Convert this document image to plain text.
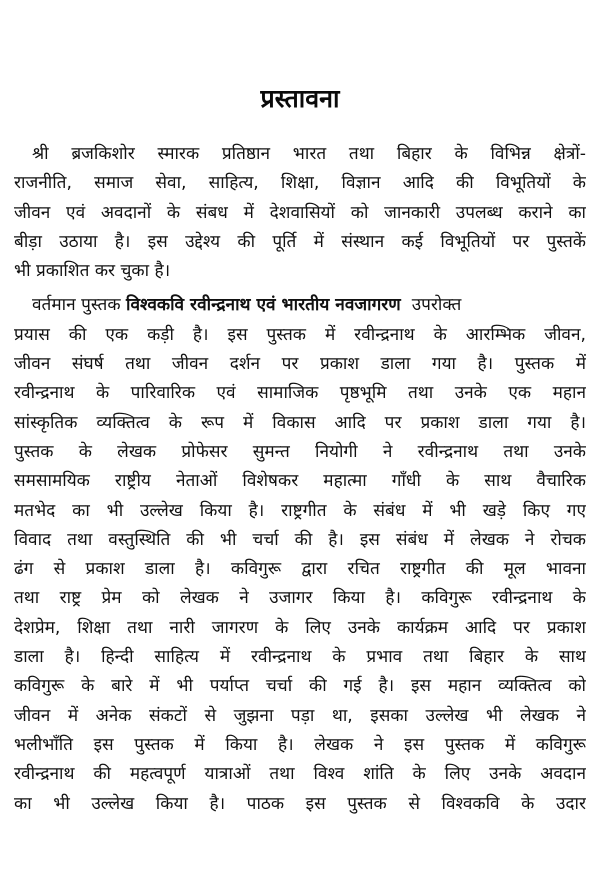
प्रस्तावना
श्री ब्रजकिशोर स्मारक प्रतिष्ठान भारत तथा बिहार के विभिन्न क्षेत्रों-
राजनीति, समाज सेवा, साहित्य, शिक्षा, विज्ञान आदि की विभूतियों के
जीवन एवं अवदानों के संबध में देशवासियों को जानकारी उपलब्ध कराने का
बीड़ा उठाया है। इस उद्देश्य की पूर्ति में संस्थान कई विभूतियों पर पुस्तकें
भी प्रकाशित कर चुका है।
वर्तमान पुस्तक विश्वकवि रवीन्द्रनाथ एवं भारतीय नवजागरण उपरोक्त
प्रयास की एक कड़ी है। इस पुस्तक में रवीन्द्रनाथ के आरम्भिक जीवन,
जीवन संघर्ष तथा जीवन दर्शन पर प्रकाश डाला गया है। पुस्तक में
रवीन्द्रनाथ के पारिवारिक एवं सामाजिक पृष्ठभूमि तथा उनके एक महान
सांस्कृतिक व्यक्तित्व के रूप में विकास आदि पर प्रकाश डाला गया है।
पुस्तक के लेखक प्रोफेसर सुमन्त नियोगी ने रवीन्द्रनाथ तथा उनके
समसामयिक राष्ट्रीय नेताओं विशेषकर महात्मा गाँधी के साथ वैचारिक
मतभेद का भी उल्लेख किया है। राष्ट्रगीत के संबंध में भी खड़े किए गए
विवाद तथा वस्तुस्थिति की भी चर्चा की है। इस संबंध में लेखक ने रोचक
ढंग से प्रकाश डाला है। कविगुरू द्वारा रचित राष्ट्रगीत की मूल भावना
तथा राष्ट्र प्रेम को लेखक ने उजागर किया है। कविगुरू रवीन्द्रनाथ के
देशप्रेम, शिक्षा तथा नारी जागरण के लिए उनके कार्यक्रम आदि पर प्रकाश
डाला है। हिन्दी साहित्य में रवीन्द्रनाथ के प्रभाव तथा बिहार के साथ
कविगुरू के बारे में भी पर्याप्त चर्चा की गई है। इस महान व्यक्तित्व को
जीवन में अनेक संकटों से जुझना पड़ा था, इसका उल्लेख भी लेखक ने
भलीभाँति इस पुस्तक में किया है। लेखक ने इस पुस्तक में कविगुरू
रवीन्द्रनाथ की महत्वपूर्ण यात्राओं तथा विश्व शांति के लिए उनके अवदान
का भी उल्लेख किया है। पाठक इस पुस्तक से विश्वकवि के उदार
